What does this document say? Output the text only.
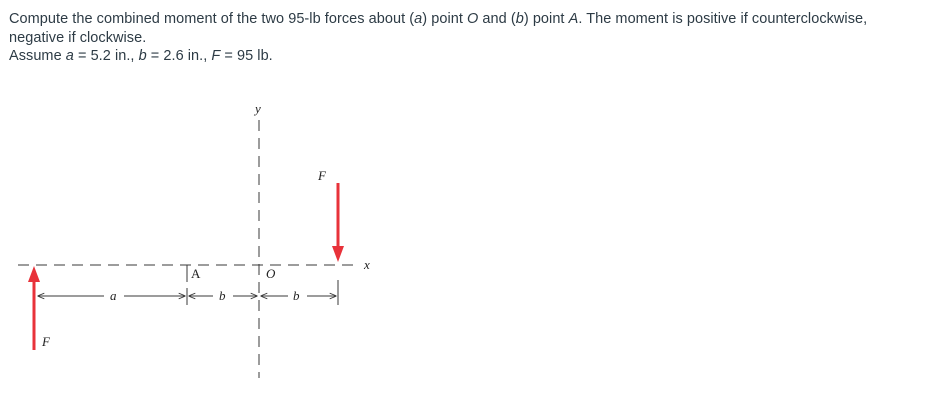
Compute the combined moment of the two 95-lb forces about (a) point O and (b) point A. The moment is positive if counterclockwise,

negative if clockwise.

Assume a = 5.2 in., b = 2.6 in., F = 95 lb.

y
x
A	O
F
F
a	b	b
